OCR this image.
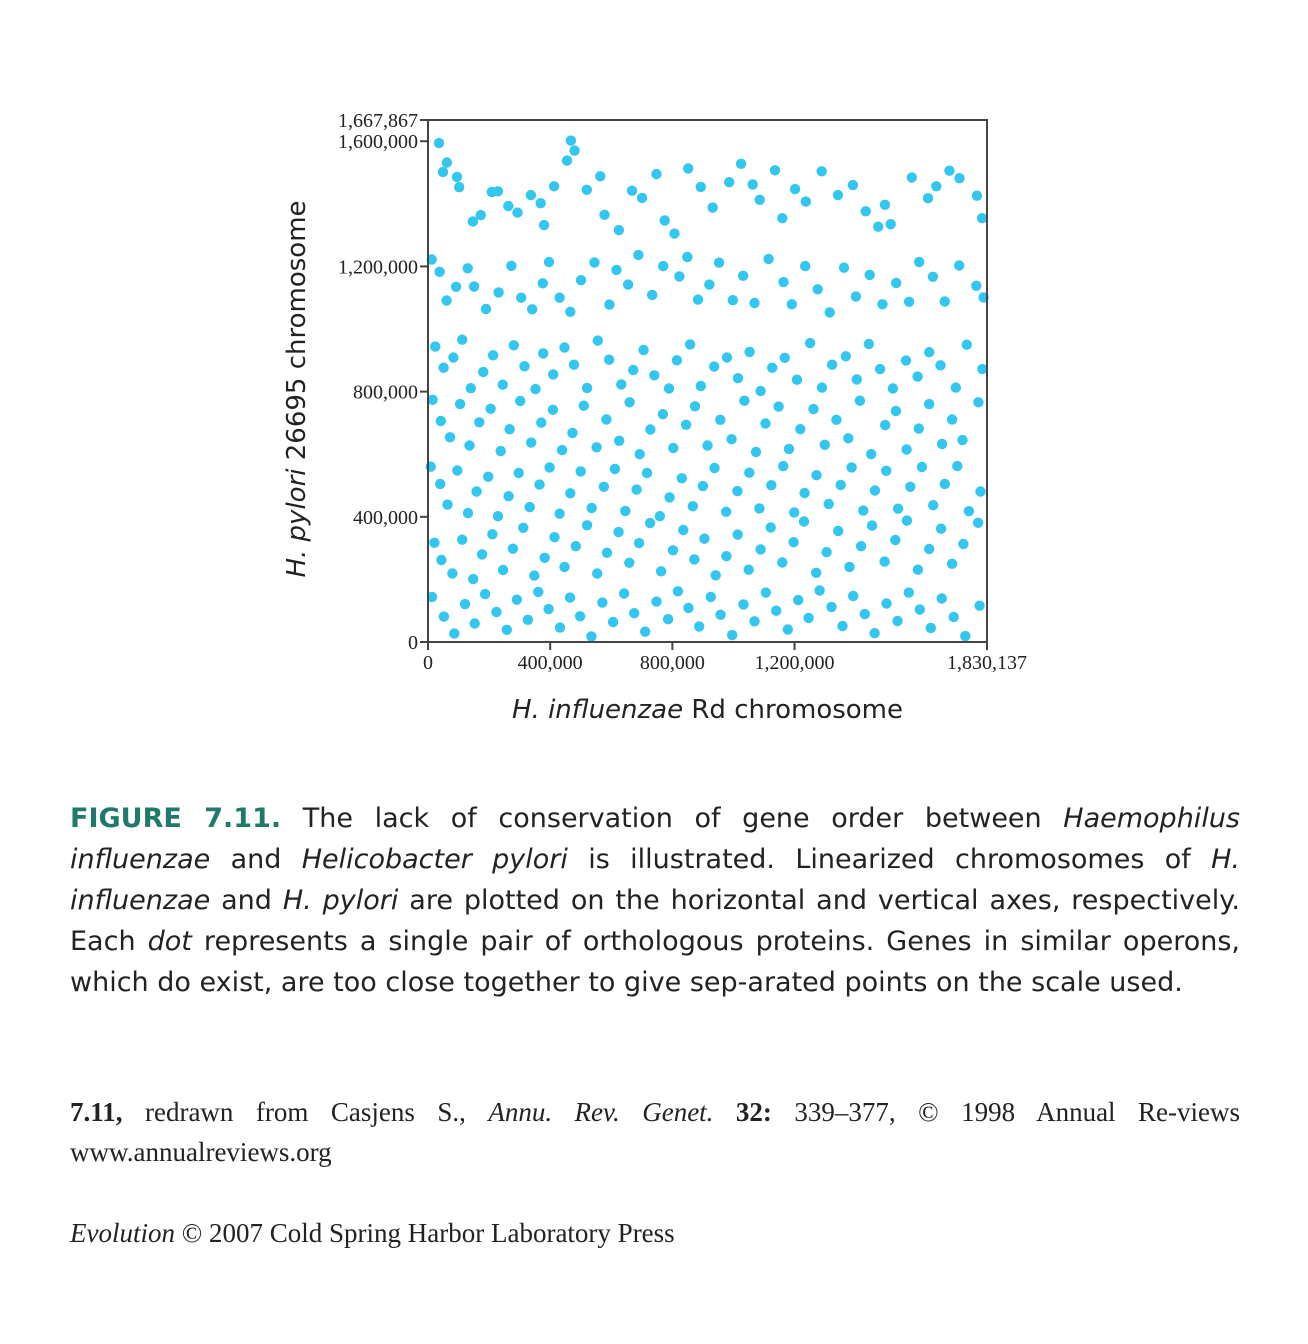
0
400,000
800,000
1,200,000
1,600,000
1,667,867
0	400,000	800,000 1,200,000	1,830,137
H. influenzae Rd chromosome
H. pylori 26695 chromosome

FIGURE 7.11. The lack of conservation of gene order between Haemophilus influenzae and Helicobacter pylori is illustrated. Linearized chromosomes of H. influenzae and H. pylori are plotted on the horizontal and vertical axes, respectively. Each dot represents a single pair of orthologous proteins. Genes in similar operons, which do exist, are too close together to give sep-arated points on the scale used.

7.11, redrawn from Casjens S., Annu. Rev. Genet. 32: 339–377, © 1998 Annual Re-views www.annualreviews.org

Evolution © 2007 Cold Spring Harbor Laboratory Press
